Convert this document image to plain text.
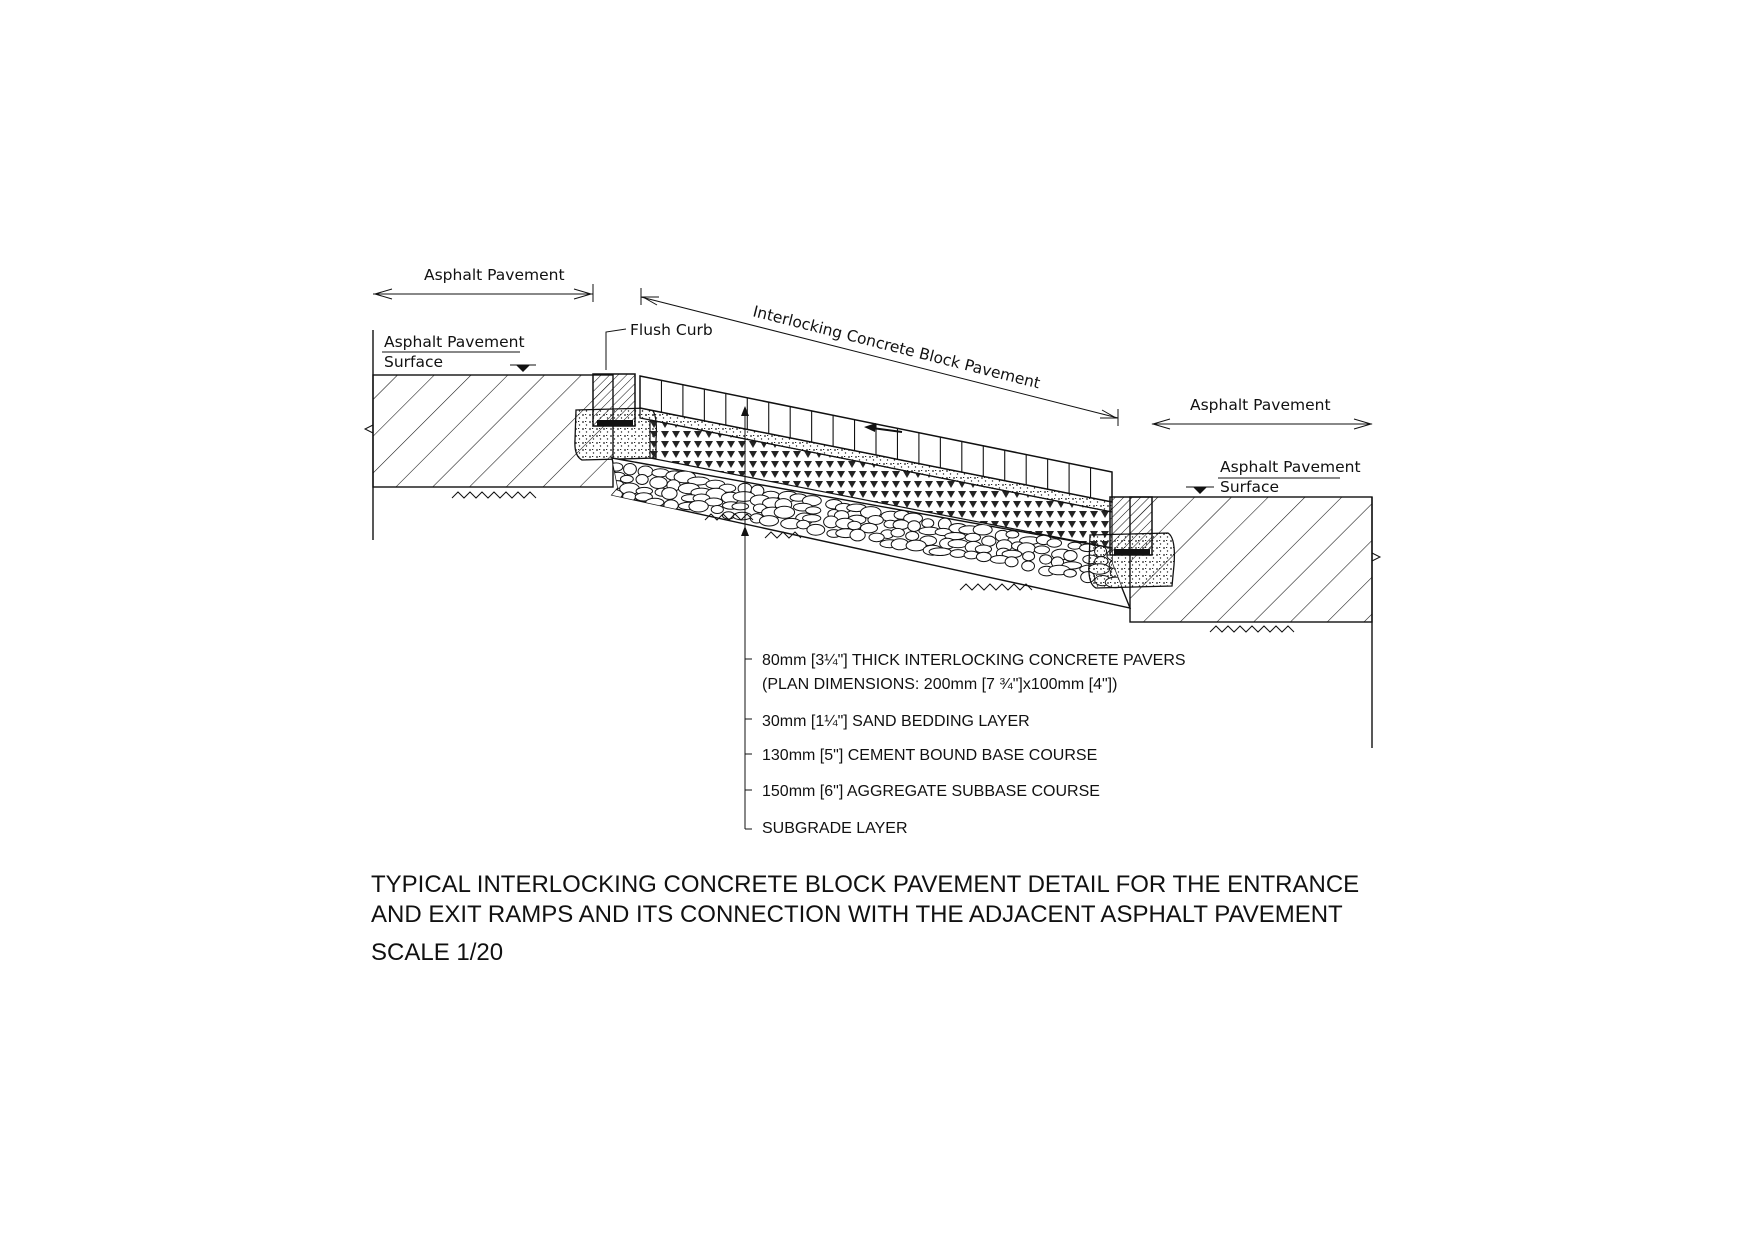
Asphalt Pavement
Interlocking Concrete Block Pavement
Asphalt Pavement
Flush Curb
Asphalt Pavement
Surface
Asphalt Pavement
Surface
80mm [3¼"] THICK INTERLOCKING CONCRETE PAVERS
(PLAN DIMENSIONS: 200mm [7 ¾"]x100mm [4"])
30mm [1¼"] SAND BEDDING LAYER
130mm [5"] CEMENT BOUND BASE COURSE
150mm [6"] AGGREGATE SUBBASE COURSE
SUBGRADE LAYER
TYPICAL INTERLOCKING CONCRETE BLOCK PAVEMENT DETAIL FOR THE ENTRANCE
AND EXIT RAMPS AND ITS CONNECTION WITH THE ADJACENT ASPHALT PAVEMENT
SCALE 1/20
